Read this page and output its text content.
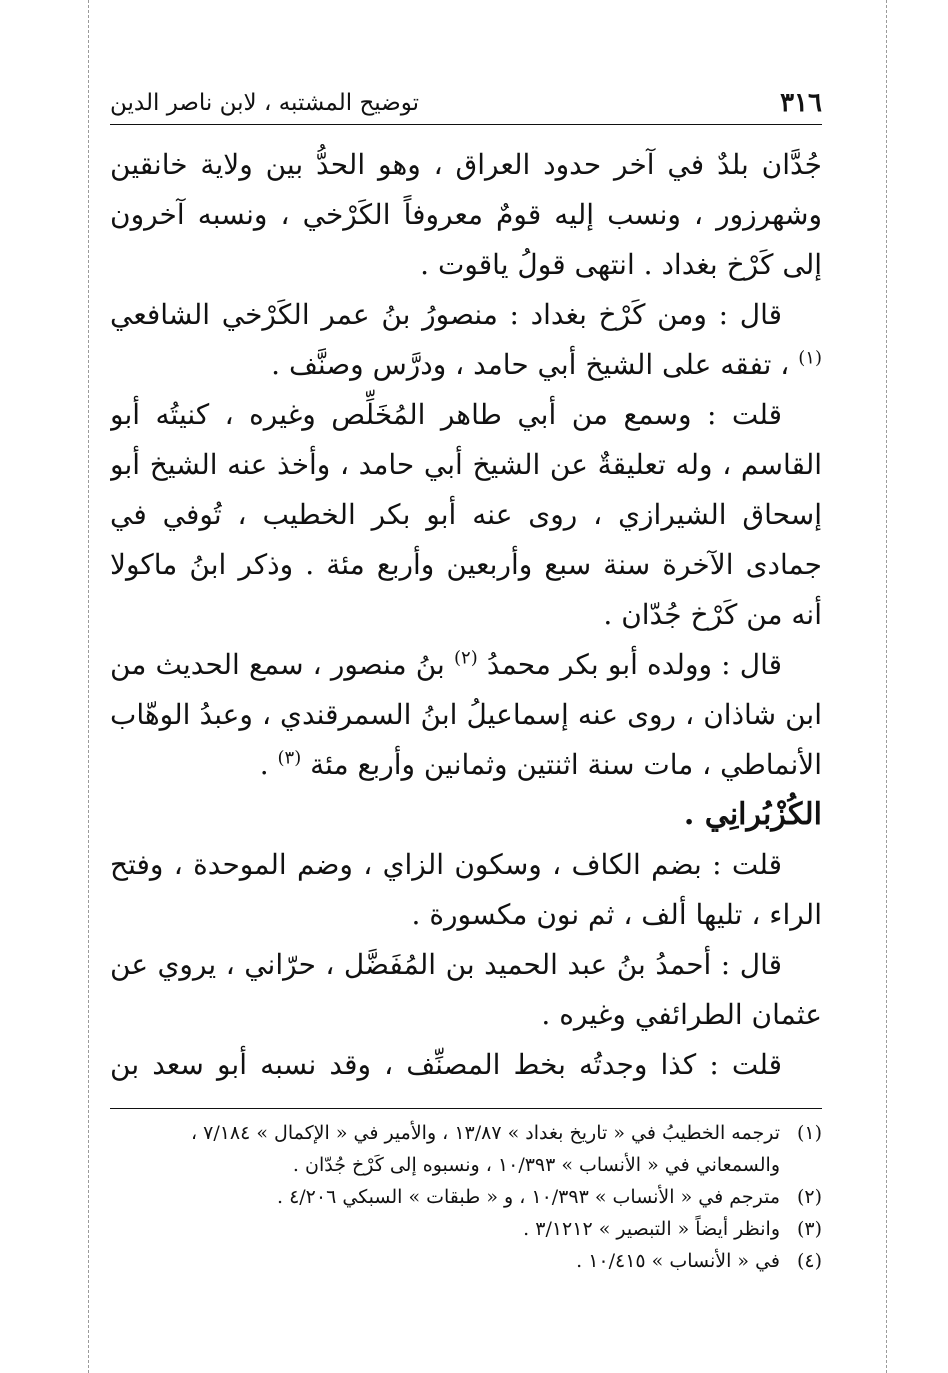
٣١٦
توضيح المشتبه ، لابن ناصر الدين

جُدَّان بلدٌ في آخر حدود العراق ، وهو الحدُّ بين ولاية خانقين وشهرزور ، ونسب إليه قومٌ معروفاً الكَرْخي ، ونسبه آخرون إلى كَرْخ بغداد . انتهى قولُ ياقوت .

قال : ومن كَرْخ بغداد : منصورُ بنُ عمر الكَرْخي الشافعي $^{(١)}$ ، تفقه على الشيخ أبي حامد ، ودرَّس وصنَّف .

قلت : وسمع من أبي طاهر المُخَلِّص وغيره ، كنيتُه أبو القاسم ، وله تعليقةٌ عن الشيخ أبي حامد ، وأخذ عنه الشيخ أبو إسحاق الشيرازي ، روى عنه أبو بكر الخطيب ، تُوفي في جمادى الآخرة سنة سبع وأربعين وأربع مئة . وذكر ابنُ ماكولا أنه من كَرْخ جُدّان .

قال : وولده أبو بكر محمدُ $^{(٢)}$ بنُ منصور ، سمع الحديث من ابن شاذان ، روى عنه إسماعيلُ ابنُ السمرقندي ، وعبدُ الوهّاب الأنماطي ، مات سنة اثنتين وثمانين وأربع مئة $^{(٣)}$ .

الكُزْبُرانِي .

قلت : بضم الكاف ، وسكون الزاي ، وضم الموحدة ، وفتح الراء ، تليها ألف ، ثم نون مكسورة .

قال : أحمدُ بنُ عبد الحميد بن المُفَضَّل ، حرّاني ، يروي عن عثمان الطرائفي وغيره .

قلت : كذا وجدتُه بخط المصنِّف ، وقد نسبه أبو سعد بن

(١)
ترجمه الخطيبُ في « تاريخ بغداد » ١٣/٨٧ ، والأمير في « الإكمال » ٧/١٨٤ ، والسمعاني في « الأنساب » ١٠/٣٩٣ ، ونسبوه إلى كَرْخ جُدّان .
(٢)
مترجم في « الأنساب » ١٠/٣٩٣ ، و « طبقات » السبكي ٤/٢٠٦ .
(٣)
وانظر أيضاً « التبصير » ٣/١٢١٢ .
(٤)
في « الأنساب » ١٠/٤١٥ .
